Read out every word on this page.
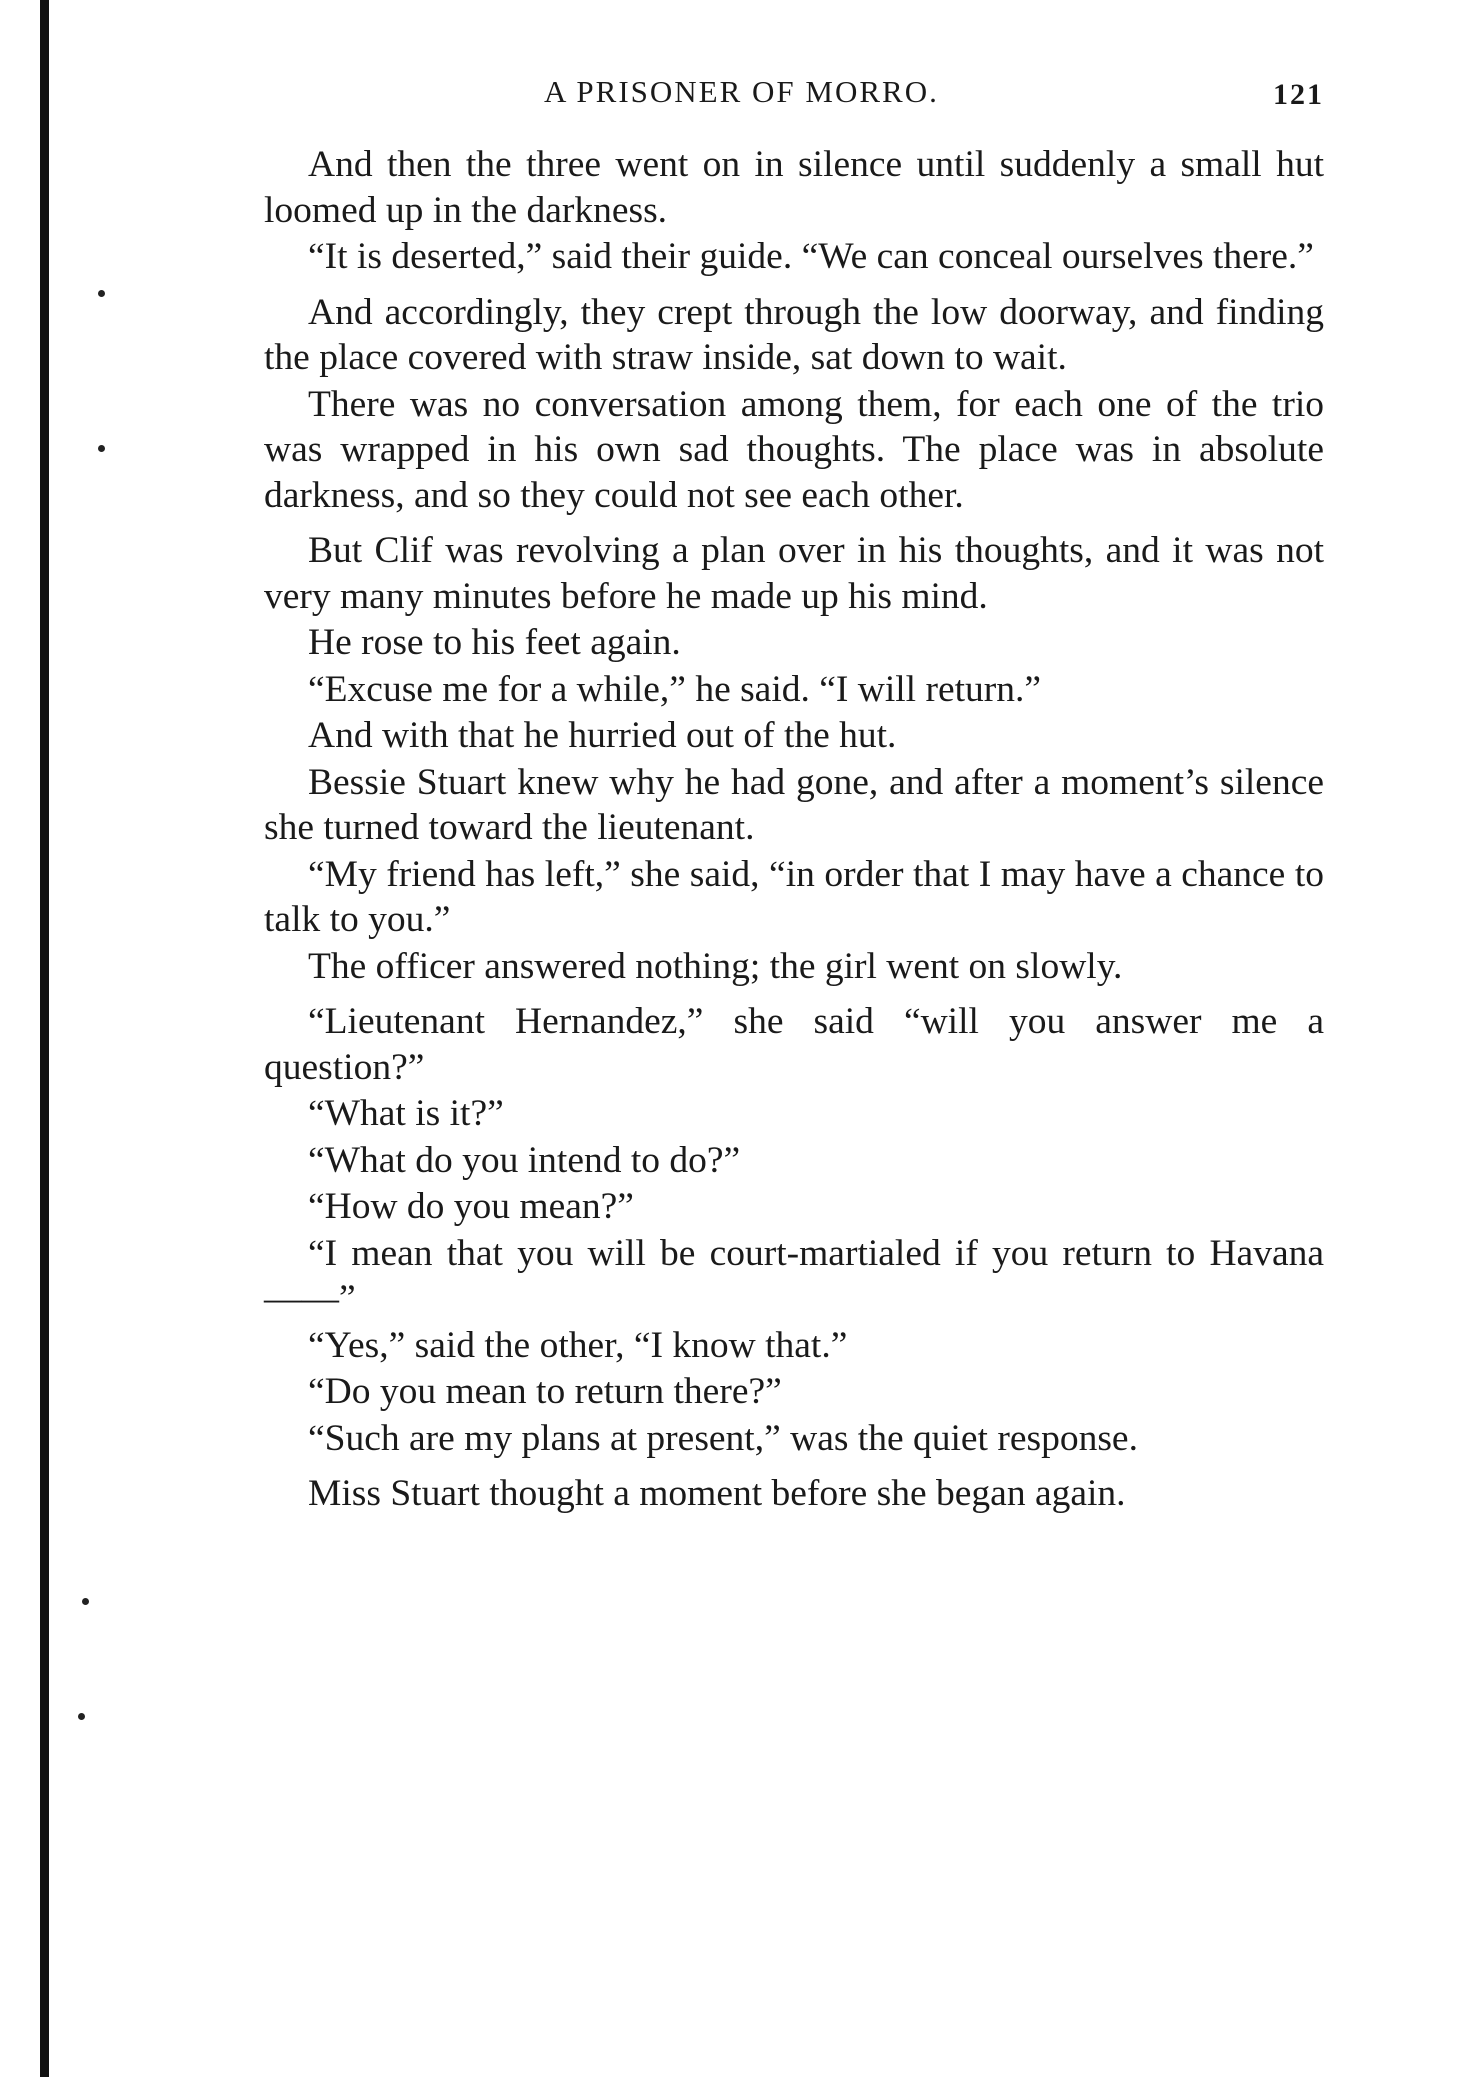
A PRISONER OF MORRO.	121

And then the three went on in silence until suddenly a small hut loomed up in the darkness.

“It is deserted,” said their guide. “We can conceal ourselves there.”

And accordingly, they crept through the low doorway, and finding the place covered with straw inside, sat down to wait.

There was no conversation among them, for each one of the trio was wrapped in his own sad thoughts. The place was in absolute darkness, and so they could not see each other.

But Clif was revolving a plan over in his thoughts, and it was not very many minutes before he made up his mind.

He rose to his feet again.

“Excuse me for a while,” he said. “I will return.”

And with that he hurried out of the hut.

Bessie Stuart knew why he had gone, and after a moment’s silence she turned toward the lieutenant.

“My friend has left,” she said, “in order that I may have a chance to talk to you.”

The officer answered nothing; the girl went on slowly.

“Lieutenant Hernandez,” she said “will you answer me a question?”

“What is it?”

“What do you intend to do?”

“How do you mean?”

“I mean that you will be court-martialed if you return to Havana——”

“Yes,” said the other, “I know that.”

“Do you mean to return there?”

“Such are my plans at present,” was the quiet response.

Miss Stuart thought a moment before she began again.
